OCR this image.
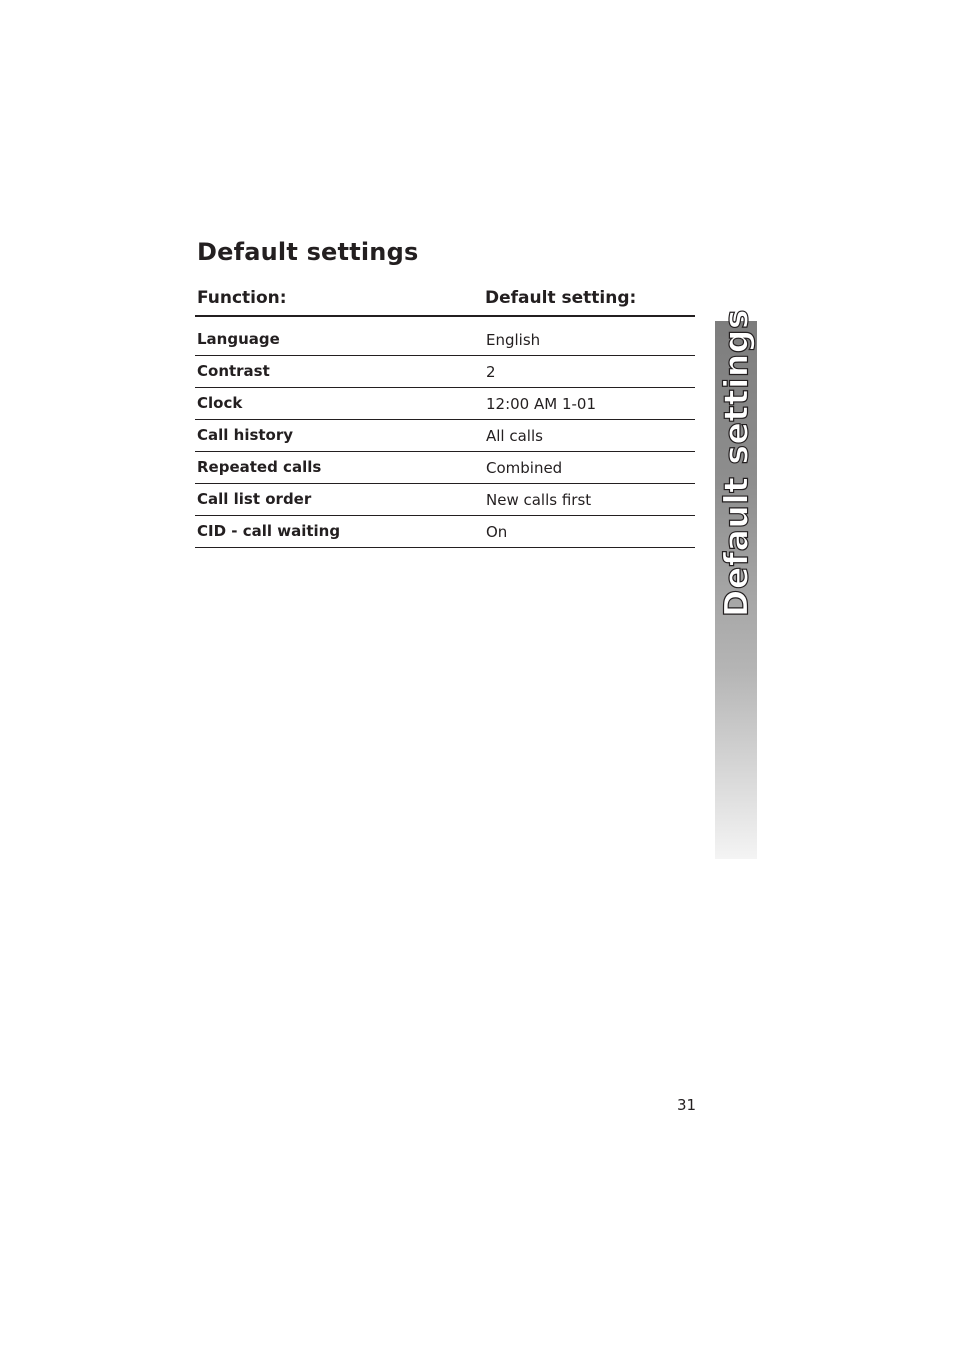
Default settings
Function:	Default setting:
Language	English
Contrast	2
Clock	12:00 AM 1-01
Call history	All calls
Repeated calls	Combined
Call list order	New calls first
CID - call waiting	On	Default settings
31
